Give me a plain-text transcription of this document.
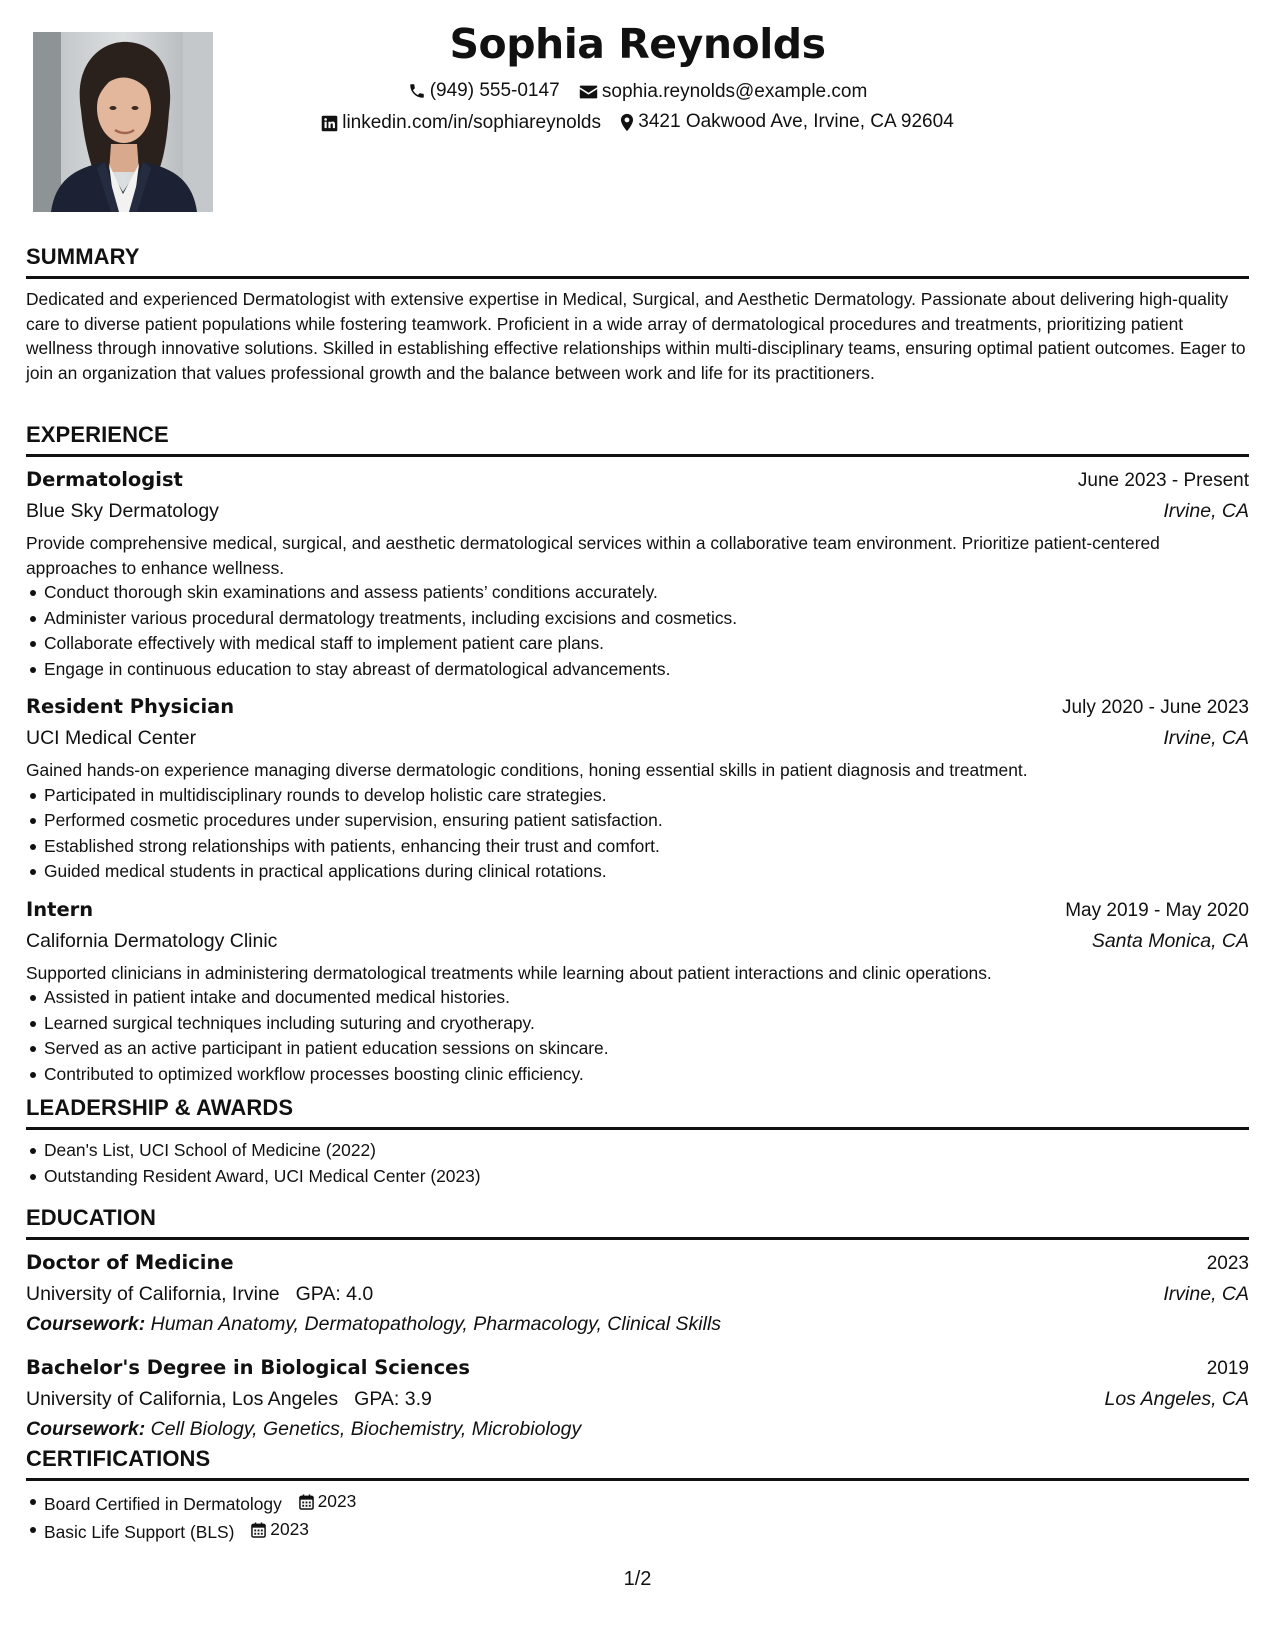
Sophia Reynolds
(949) 555-0147
sophia.reynolds@example.com
linkedin.com/in/sophiareynolds
3421 Oakwood Ave, Irvine, CA 92604
SUMMARY

Dedicated and experienced Dermatologist with extensive expertise in Medical, Surgical, and Aesthetic Dermatology. Passionate about delivering high-quality care to diverse patient populations while fostering teamwork. Proficient in a wide array of dermatological procedures and treatments, prioritizing patient wellness through innovative solutions. Skilled in establishing effective relationships within multi-disciplinary teams, ensuring optimal patient outcomes. Eager to join an organization that values professional growth and the balance between work and life for its practitioners.

EXPERIENCE
Dermatologist	June 2023 - Present
Blue Sky Dermatology	Irvine, CA
Provide comprehensive medical, surgical, and aesthetic dermatological services within a collaborative team environment. Prioritize patient-centered approaches to enhance wellness.
Conduct thorough skin examinations and assess patients’ conditions accurately.
Administer various procedural dermatology treatments, including excisions and cosmetics.
Collaborate effectively with medical staff to implement patient care plans.
Engage in continuous education to stay abreast of dermatological advancements.
Resident Physician	July 2020 - June 2023
UCI Medical Center	Irvine, CA
Gained hands-on experience managing diverse dermatologic conditions, honing essential skills in patient diagnosis and treatment.
Participated in multidisciplinary rounds to develop holistic care strategies.
Performed cosmetic procedures under supervision, ensuring patient satisfaction.
Established strong relationships with patients, enhancing their trust and comfort.
Guided medical students in practical applications during clinical rotations.
Intern	May 2019 - May 2020
California Dermatology Clinic	Santa Monica, CA
Supported clinicians in administering dermatological treatments while learning about patient interactions and clinic operations.
Assisted in patient intake and documented medical histories.
Learned surgical techniques including suturing and cryotherapy.
Served as an active participant in patient education sessions on skincare.
Contributed to optimized workflow processes boosting clinic efficiency.
LEADERSHIP & AWARDS
Dean's List, UCI School of Medicine (2022)
Outstanding Resident Award, UCI Medical Center (2023)
EDUCATION
Doctor of Medicine	2023
University of California, Irvine GPA: 4.0	Irvine, CA
Coursework: Human Anatomy, Dermatopathology, Pharmacology, Clinical Skills
Bachelor's Degree in Biological Sciences	2019
University of California, Los Angeles GPA: 3.9	Los Angeles, CA
Coursework: Cell Biology, Genetics, Biochemistry, Microbiology
CERTIFICATIONS
Board Certified in Dermatology 2023
Basic Life Support (BLS) 2023
1/2
